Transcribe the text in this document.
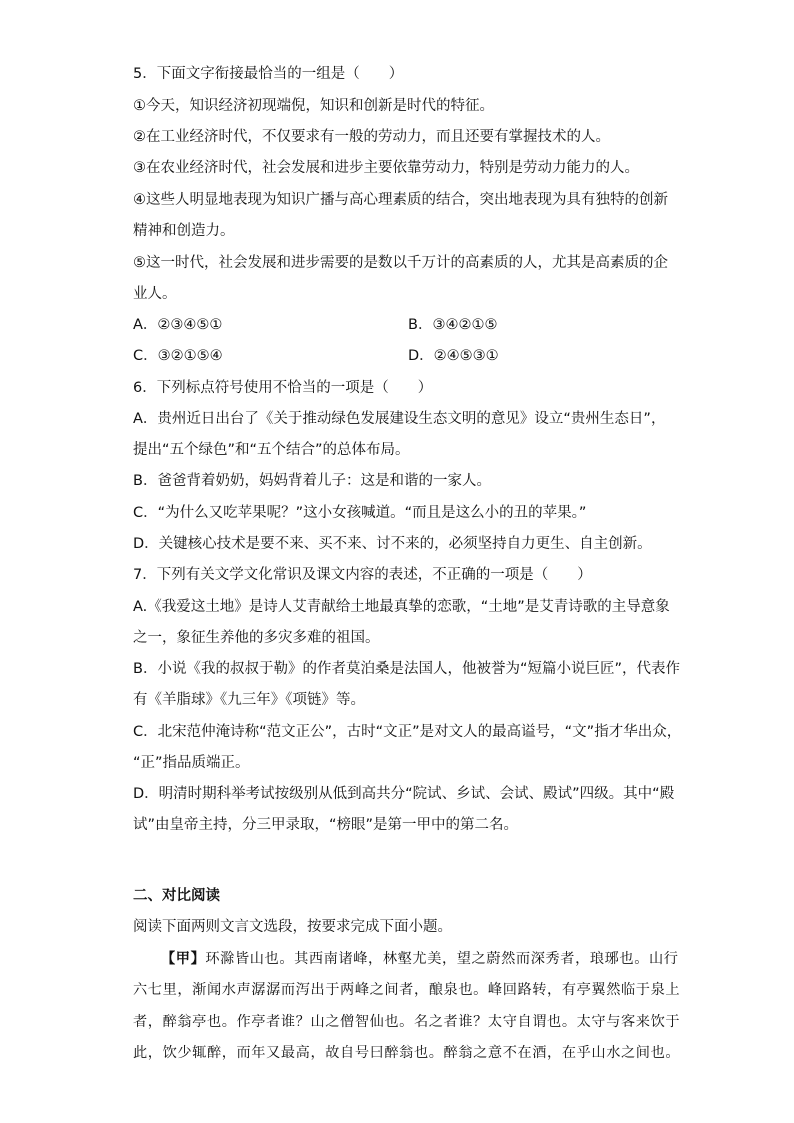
5．下面文字衔接最恰当的一组是（　　）
①今天，知识经济初现端倪，知识和创新是时代的特征。
②在工业经济时代，不仅要求有一般的劳动力，而且还要有掌握技术的人。
③在农业经济时代，社会发展和进步主要依靠劳动力，特别是劳动力能力的人。
④这些人明显地表现为知识广播与高心理素质的结合，突出地表现为具有独特的创新
精神和创造力。
⑤这一时代，社会发展和进步需要的是数以千万计的高素质的人，尤其是高素质的企
业人。
A．②③④⑤①	B．③④②①⑤
C．③②①⑤④	D．②④⑤③①
6．下列标点符号使用不恰当的一项是（　　）
A．贵州近日出台了《关于推动绿色发展建设生态文明的意见》设立“贵州生态日”，
提出“五个绿色”和“五个结合”的总体布局。
B．爸爸背着奶奶，妈妈背着儿子：这是和谐的一家人。
C．“为什么又吃苹果呢？”这小女孩喊道。“而且是这么小的丑的苹果。”
D．关键核心技术是要不来、买不来、讨不来的，必须坚持自力更生、自主创新。
7．下列有关文学文化常识及课文内容的表述，不正确的一项是（　　）
A.《我爱这土地》是诗人艾青献给土地最真挚的恋歌，“土地”是艾青诗歌的主导意象
之一，象征生养他的多灾多难的祖国。
B．小说《我的叔叔于勒》的作者莫泊桑是法国人，他被誉为“短篇小说巨匠”，代表作
有《羊脂球》《九三年》《项链》等。
C．北宋范仲淹诗称“范文正公”，古时“文正”是对文人的最高谥号，“文”指才华出众，
“正”指品质端正。
D．明清时期科举考试按级别从低到高共分“院试、乡试、会试、殿试”四级。其中“殿
试”由皇帝主持，分三甲录取，“榜眼”是第一甲中的第二名。
二、对比阅读
阅读下面两则文言文选段，按要求完成下面小题。
【甲】环滁皆山也。其西南诸峰，林壑尤美，望之蔚然而深秀者，琅琊也。山行
六七里，渐闻水声潺潺而泻出于两峰之间者，酿泉也。峰回路转，有亭翼然临于泉上
者，醉翁亭也。作亭者谁？山之僧智仙也。名之者谁？太守自谓也。太守与客来饮于
此，饮少辄醉，而年又最高，故自号曰醉翁也。醉翁之意不在酒，在乎山水之间也。
